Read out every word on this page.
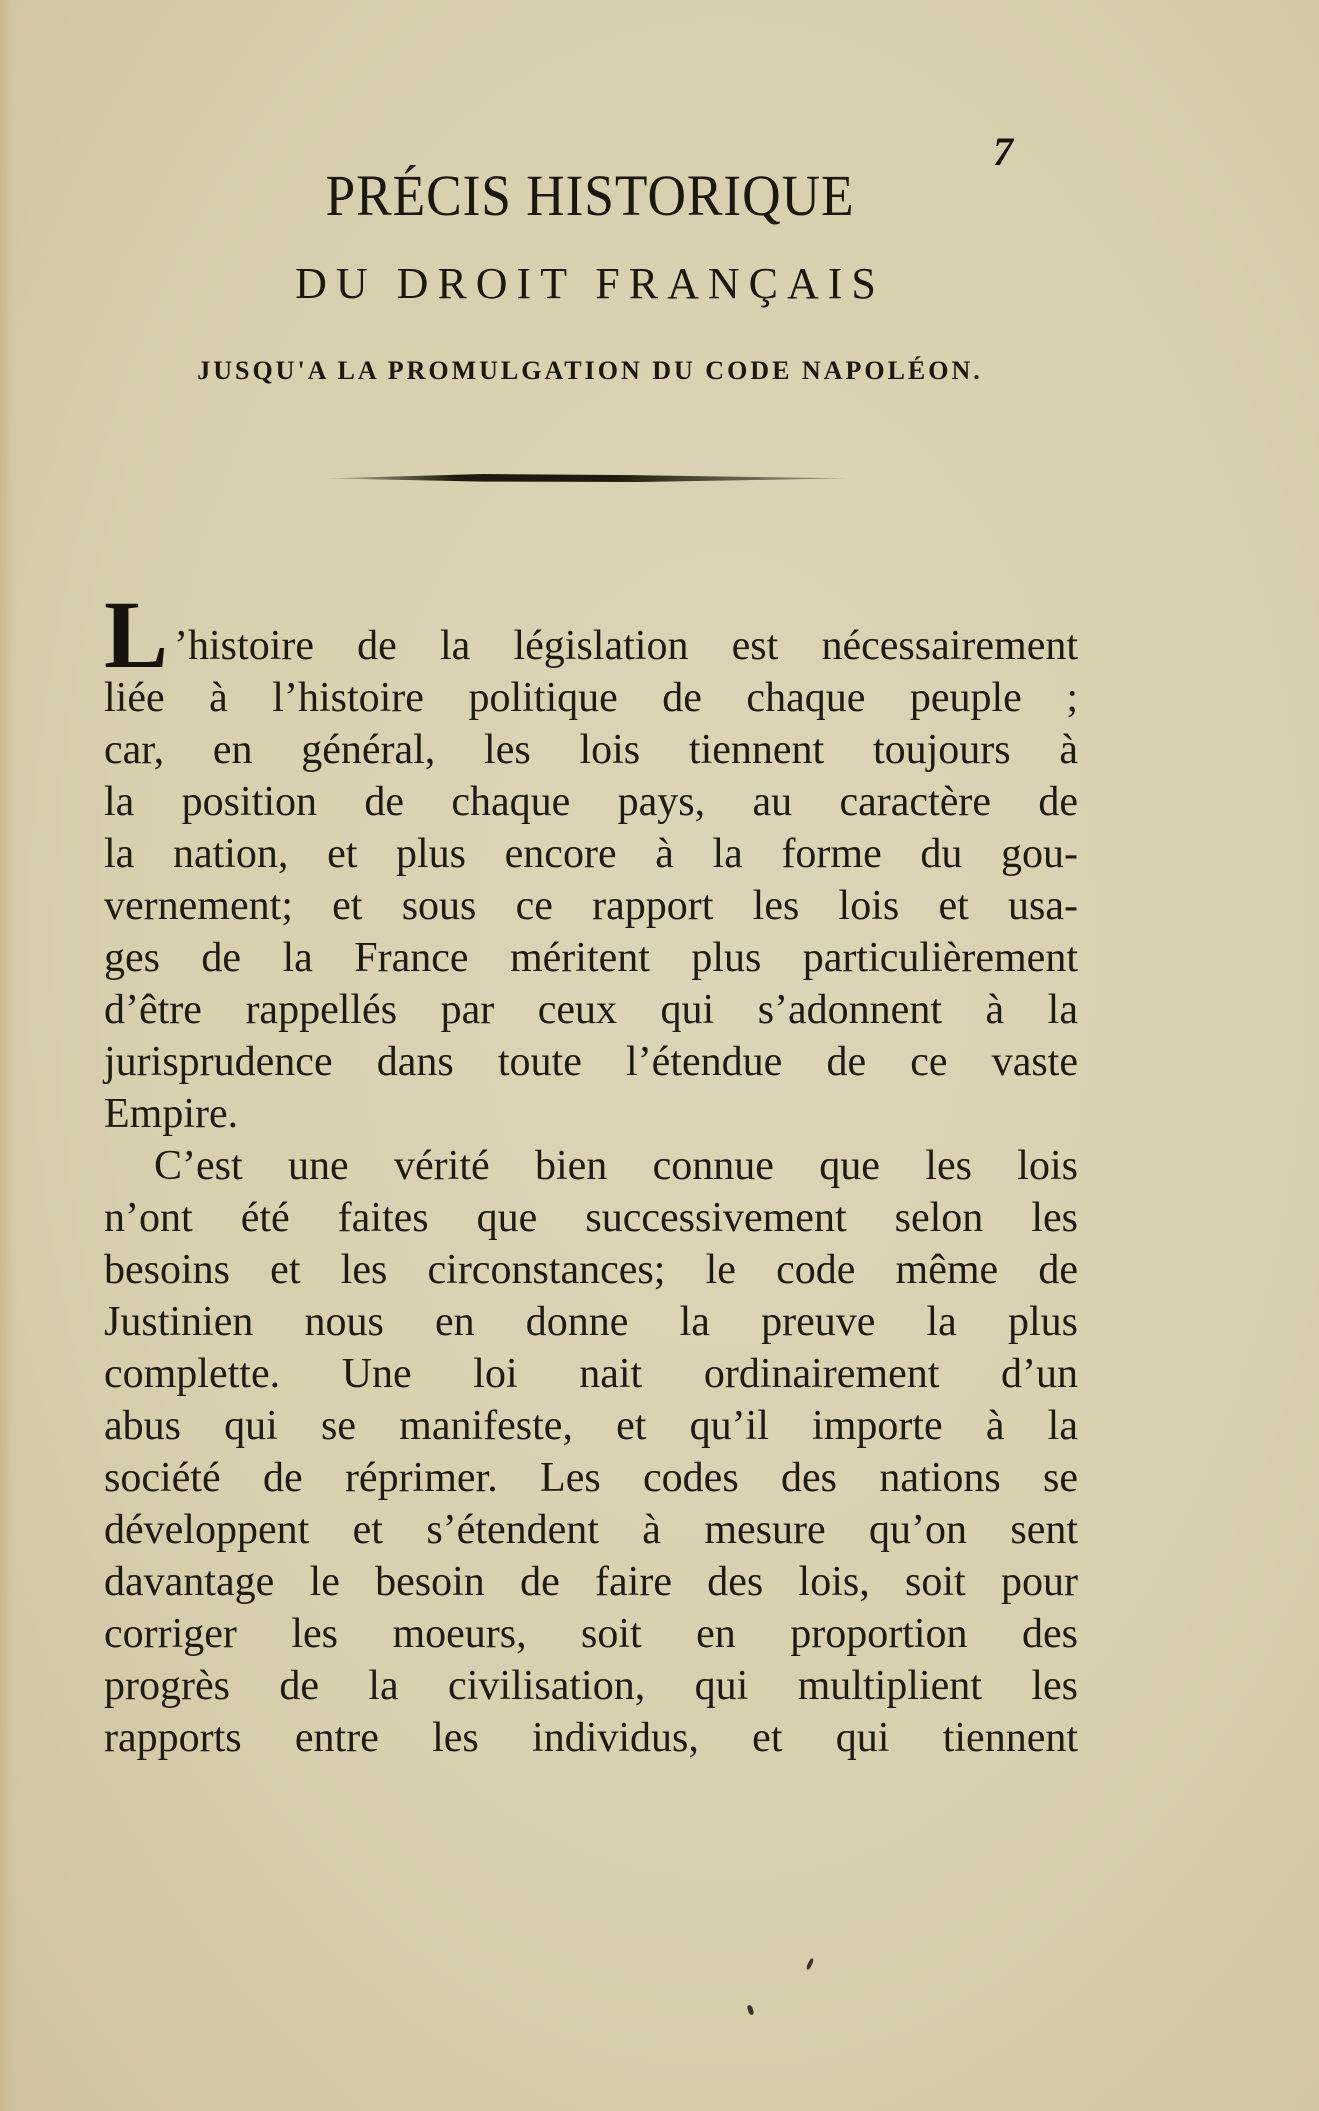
7
PRÉCIS HISTORIQUE
DU DROIT FRANÇAIS
JUSQU'A LA PROMULGATION DU CODE NAPOLÉON.
L ’histoire de la législation est nécessairement
liée à l’histoire politique de chaque peuple ;
car, en général, les lois tiennent toujours à
la position de chaque pays, au caractère de
la nation, et plus encore à la forme du gou-
vernement; et sous ce rapport les lois et usa-
ges de la France méritent plus particulièrement
d’être rappellés par ceux qui s’adonnent à la
jurisprudence dans toute l’étendue de ce vaste
Empire.
C’est une vérité bien connue que les lois
n’ont été faites que successivement selon les
besoins et les circonstances; le code même de
Justinien nous en donne la preuve la plus
complette. Une loi nait ordinairement d’un
abus qui se manifeste, et qu’il importe à la
société de réprimer. Les codes des nations se
développent et s’étendent à mesure qu’on sent
davantage le besoin de faire des lois, soit pour
corriger les moeurs, soit en proportion des
progrès de la civilisation, qui multiplient les
rapports entre les individus, et qui tiennent
